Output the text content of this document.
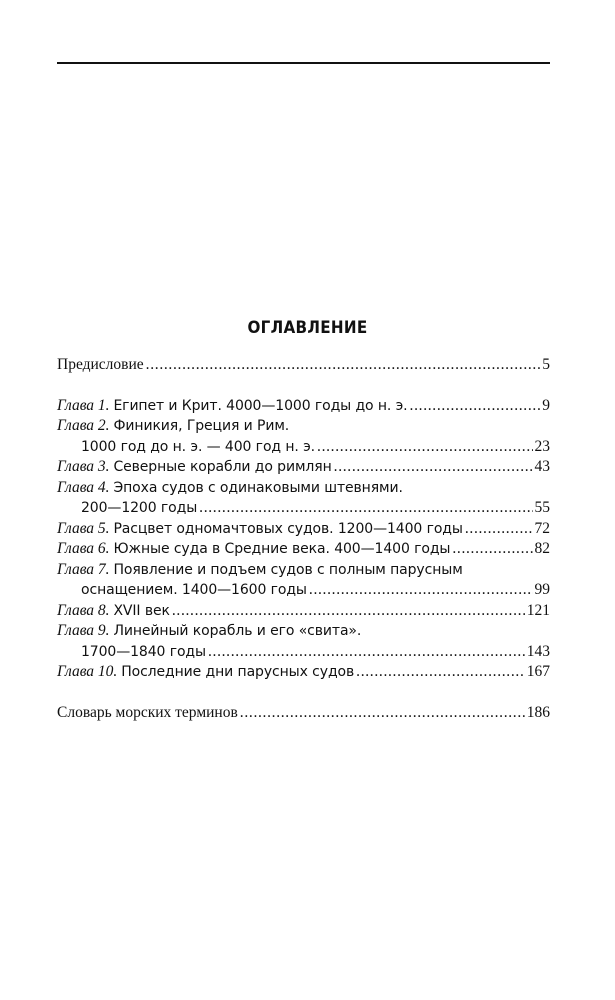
ОГЛАВЛЕНИЕ
Предисловие . . .	5
Глава 1. Египет и Крит. 4000—1000 годы до н. э. . . .	9
Глава 2. Финикия, Греция и Рим.
1000 год до н. э. — 400 год н. э. . . .	23
Глава 3. Северные корабли до римлян . . .	43
Глава 4. Эпоха судов с одинаковыми штевнями.
200—1200 годы . . .	55
Глава 5. Расцвет одномачтовых судов. 1200—1400 годы . . .	72
Глава 6. Южные суда в Средние века. 400—1400 годы . . .	82
Глава 7. Появление и подъем судов с полным парусным
оснащением. 1400—1600 годы . . .	99
Глава 8. XVII век . . .	121
Глава 9. Линейный корабль и его «свита».
1700—1840 годы . . .	143
Глава 10. Последние дни парусных судов . . .	167
Словарь морских терминов . . .	186
